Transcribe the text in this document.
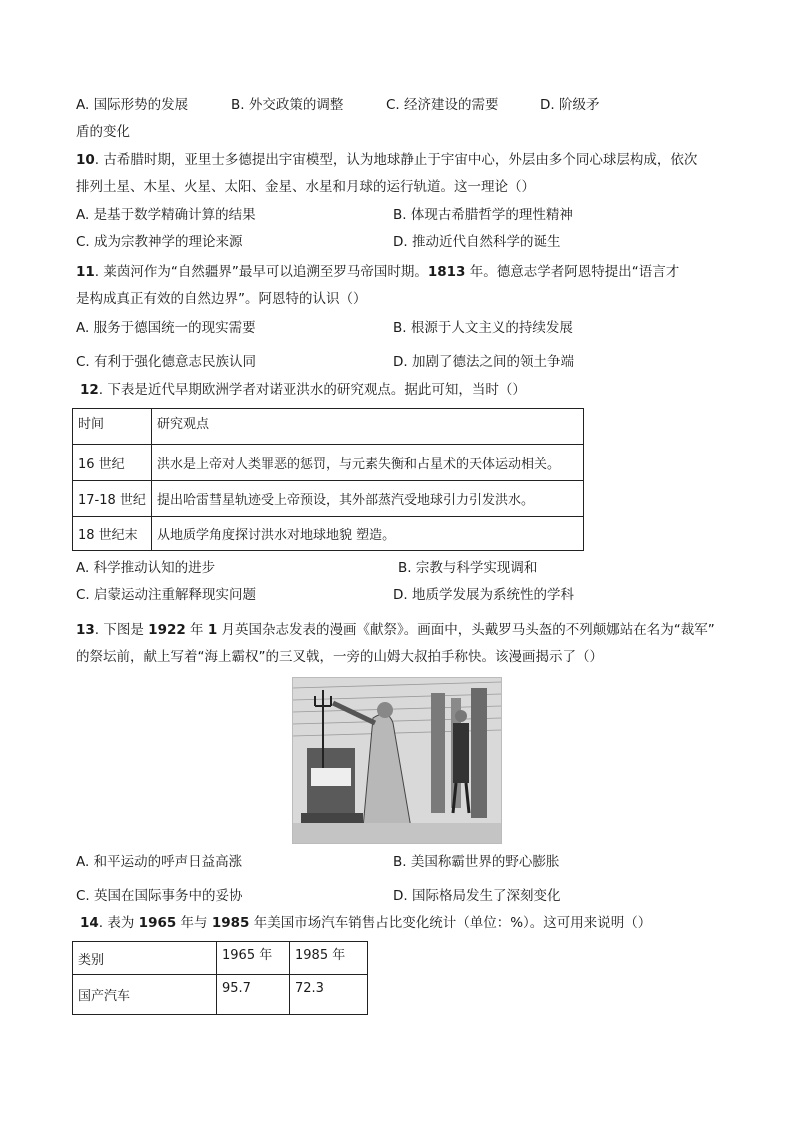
A. 国际形势的发展	B. 外交政策的调整	C. 经济建设的需要	D. 阶级矛
盾的变化
10. 古希腊时期，亚里士多德提出宇宙模型，认为地球静止于宇宙中心，外层由多个同心球层构成，依次
排列土星、木星、火星、太阳、金星、水星和月球的运行轨道。这一理论（）
A. 是基于数学精确计算的结果	B. 体现古希腊哲学的理性精神
C. 成为宗教神学的理论来源	D. 推动近代自然科学的诞生
11. 莱茵河作为“自然疆界”最早可以追溯至罗马帝国时期。1813 年。德意志学者阿恩特提出“语言才
是构成真正有效的自然边界”。阿恩特的认识（）
A. 服务于德国统一的现实需要	B. 根源于人文主义的持续发展
C. 有利于强化德意志民族认同	D. 加剧了德法之间的领土争端
12. 下表是近代早期欧洲学者对诺亚洪水的研究观点。据此可知，当时（）
时间	研究观点
16 世纪	洪水是上帝对人类罪恶的惩罚，与元素失衡和占星术的天体运动相关。
17-18 世纪	提出哈雷彗星轨迹受上帝预设，其外部蒸汽受地球引力引发洪水。
18 世纪末	从地质学角度探讨洪水对地球地貌 塑造。
A. 科学推动认知的进步	B. 宗教与科学实现调和
C. 启蒙运动注重解释现实问题	D. 地质学发展为系统性的学科
13. 下图是 1922 年 1 月英国杂志发表的漫画《献祭》。画面中，头戴罗马头盔的不列颠娜站在名为“裁军”
的祭坛前，献上写着“海上霸权”的三叉戟，一旁的山姆大叔拍手称快。该漫画揭示了（）
A. 和平运动的呼声日益高涨	B. 美国称霸世界的野心膨胀
C. 英国在国际事务中的妥协	D. 国际格局发生了深刻变化
14. 表为 1965 年与 1985 年美国市场汽车销售占比变化统计（单位：%）。这可用来说明（）
类别	1965 年	1985 年
国产汽车	95.7	72.3
